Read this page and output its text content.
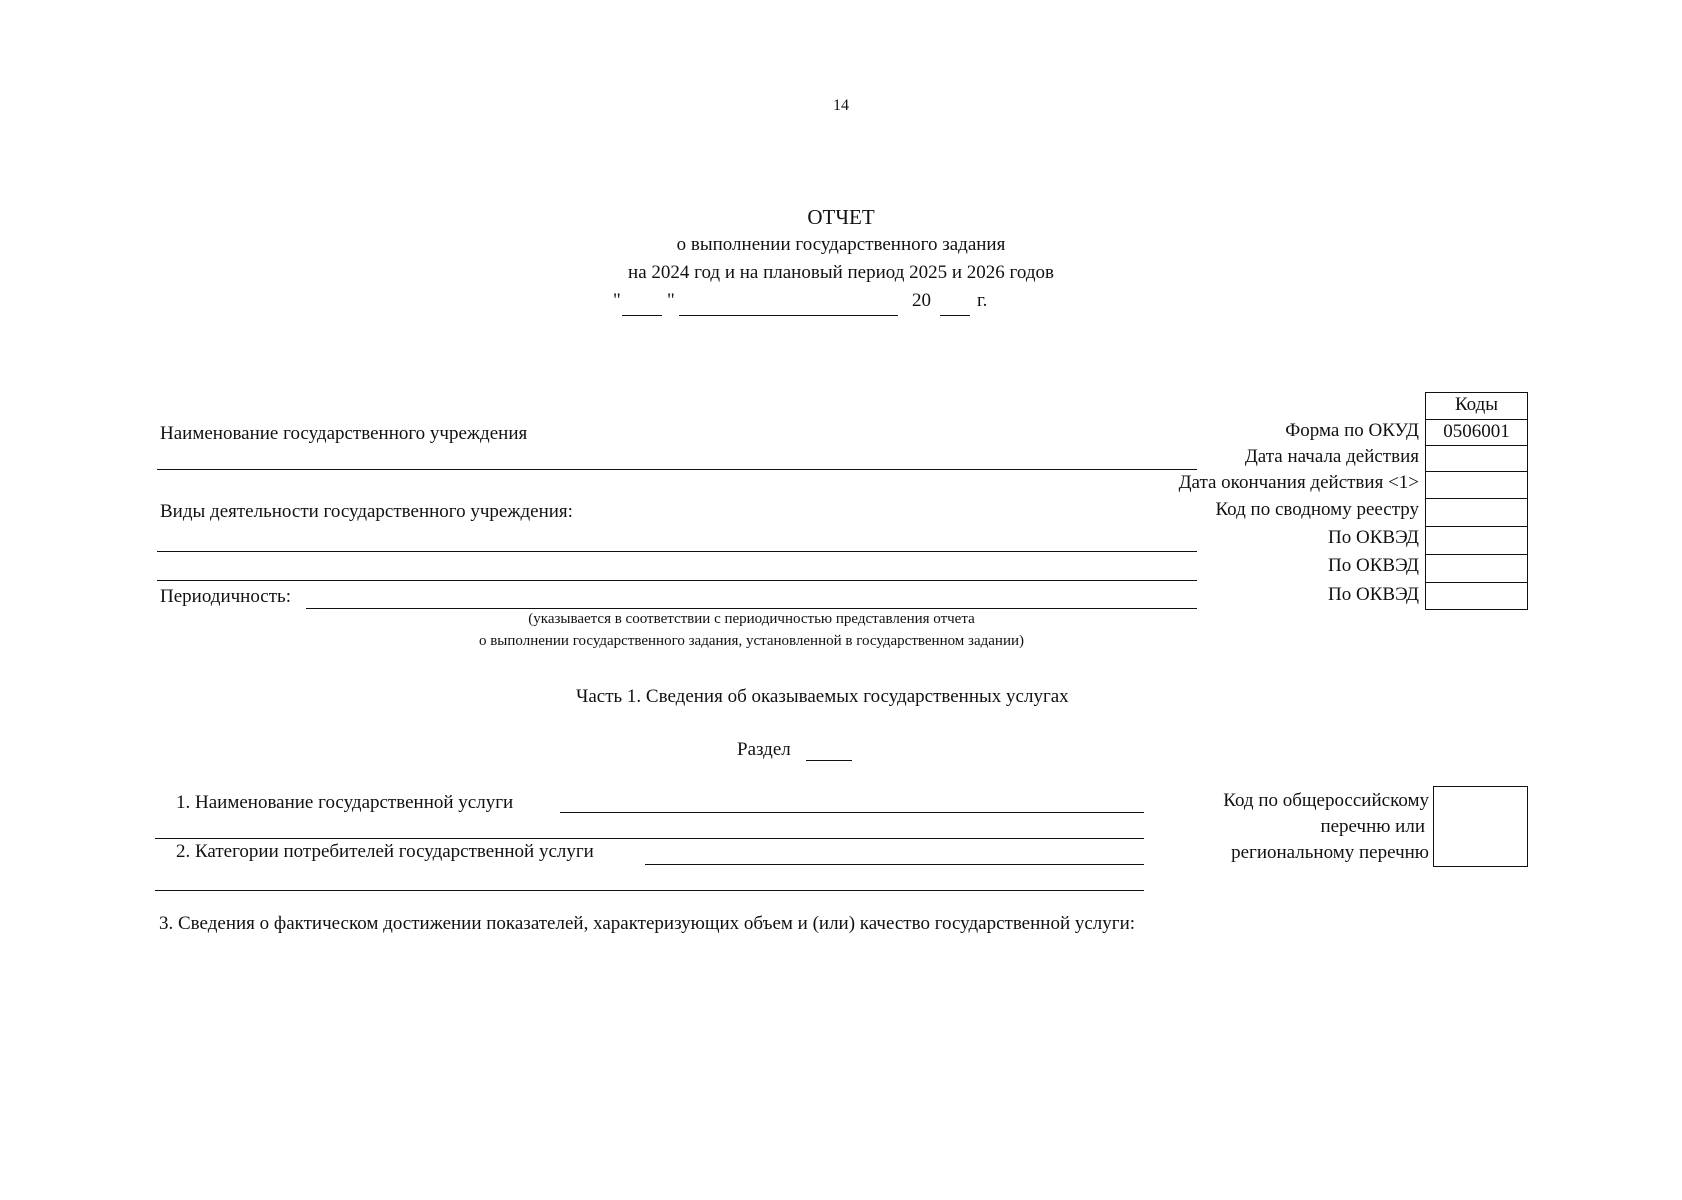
14
ОТЧЕТ
о выполнении государственного задания
на 2024 год и на плановый период 2025 и 2026 годов
" "	20 г.
Наименование государственного учреждения
Виды деятельности государственного учреждения:
Периодичность:
(указывается в соответствии с периодичностью представления отчета
о выполнении государственного задания, установленной в государственном задании)
Форма по ОКУД
Дата начала действия
Дата окончания действия <1>
Код по сводному реестру
По ОКВЭД
По ОКВЭД
По ОКВЭД
Коды
0506001
Часть 1. Сведения об оказываемых государственных услугах
Раздел
1. Наименование государственной услуги
2. Категории потребителей государственной услуги
Код по общероссийскому
перечню или
региональному перечню
3. Сведения о фактическом достижении показателей, характеризующих объем и (или) качество государственной услуги:
